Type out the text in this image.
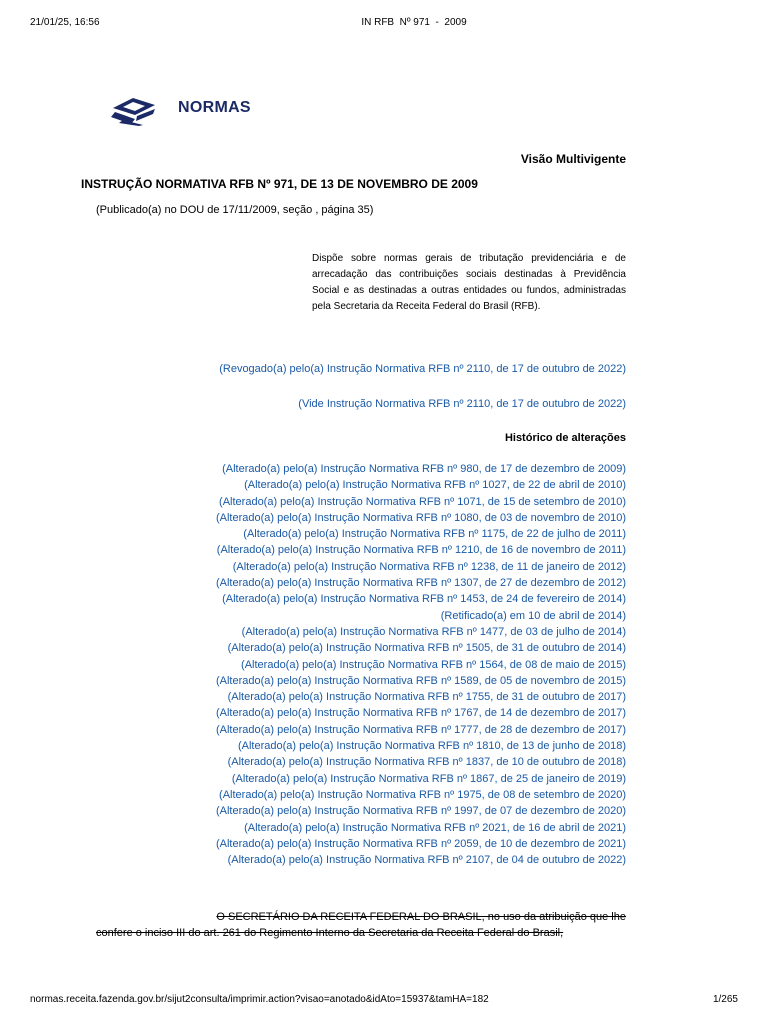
21/01/25, 16:56	IN RFB  Nº 971  -  2009
NORMAS
Visão Multivigente
INSTRUÇÃO NORMATIVA RFB Nº 971, DE 13 DE NOVEMBRO DE 2009
(Publicado(a) no DOU de 17/11/2009, seção , página 35)
Dispõe sobre normas gerais de tributação previdenciária e de arrecadação das contribuições sociais destinadas à Previdência Social e as destinadas a outras entidades ou fundos, administradas pela Secretaria da Receita Federal do Brasil (RFB).
(Revogado(a) pelo(a) Instrução Normativa RFB nº 2110, de 17 de outubro de 2022)
(Vide Instrução Normativa RFB nº 2110, de 17 de outubro de 2022)
Histórico de alterações
(Alterado(a) pelo(a) Instrução Normativa RFB nº 980, de 17 de dezembro de 2009)
(Alterado(a) pelo(a) Instrução Normativa RFB nº 1027, de 22 de abril de 2010)
(Alterado(a) pelo(a) Instrução Normativa RFB nº 1071, de 15 de setembro de 2010)
(Alterado(a) pelo(a) Instrução Normativa RFB nº 1080, de 03 de novembro de 2010)
(Alterado(a) pelo(a) Instrução Normativa RFB nº 1175, de 22 de julho de 2011)
(Alterado(a) pelo(a) Instrução Normativa RFB nº 1210, de 16 de novembro de 2011)
(Alterado(a) pelo(a) Instrução Normativa RFB nº 1238, de 11 de janeiro de 2012)
(Alterado(a) pelo(a) Instrução Normativa RFB nº 1307, de 27 de dezembro de 2012)
(Alterado(a) pelo(a) Instrução Normativa RFB nº 1453, de 24 de fevereiro de 2014)
(Retificado(a) em 10 de abril de 2014)
(Alterado(a) pelo(a) Instrução Normativa RFB nº 1477, de 03 de julho de 2014)
(Alterado(a) pelo(a) Instrução Normativa RFB nº 1505, de 31 de outubro de 2014)
(Alterado(a) pelo(a) Instrução Normativa RFB nº 1564, de 08 de maio de 2015)
(Alterado(a) pelo(a) Instrução Normativa RFB nº 1589, de 05 de novembro de 2015)
(Alterado(a) pelo(a) Instrução Normativa RFB nº 1755, de 31 de outubro de 2017)
(Alterado(a) pelo(a) Instrução Normativa RFB nº 1767, de 14 de dezembro de 2017)
(Alterado(a) pelo(a) Instrução Normativa RFB nº 1777, de 28 de dezembro de 2017)
(Alterado(a) pelo(a) Instrução Normativa RFB nº 1810, de 13 de junho de 2018)
(Alterado(a) pelo(a) Instrução Normativa RFB nº 1837, de 10 de outubro de 2018)
(Alterado(a) pelo(a) Instrução Normativa RFB nº 1867, de 25 de janeiro de 2019)
(Alterado(a) pelo(a) Instrução Normativa RFB nº 1975, de 08 de setembro de 2020)
(Alterado(a) pelo(a) Instrução Normativa RFB nº 1997, de 07 de dezembro de 2020)
(Alterado(a) pelo(a) Instrução Normativa RFB nº 2021, de 16 de abril de 2021)
(Alterado(a) pelo(a) Instrução Normativa RFB nº 2059, de 10 de dezembro de 2021)
(Alterado(a) pelo(a) Instrução Normativa RFB nº 2107, de 04 de outubro de 2022)
O SECRETÁRIO DA RECEITA FEDERAL DO BRASIL, no uso da atribuição que lhe
confere o inciso III do art. 261 do Regimento Interno da Secretaria da Receita Federal do Brasil,
normas.receita.fazenda.gov.br/sijut2consulta/imprimir.action?visao=anotado&idAto=15937&tamHA=182	1/265
